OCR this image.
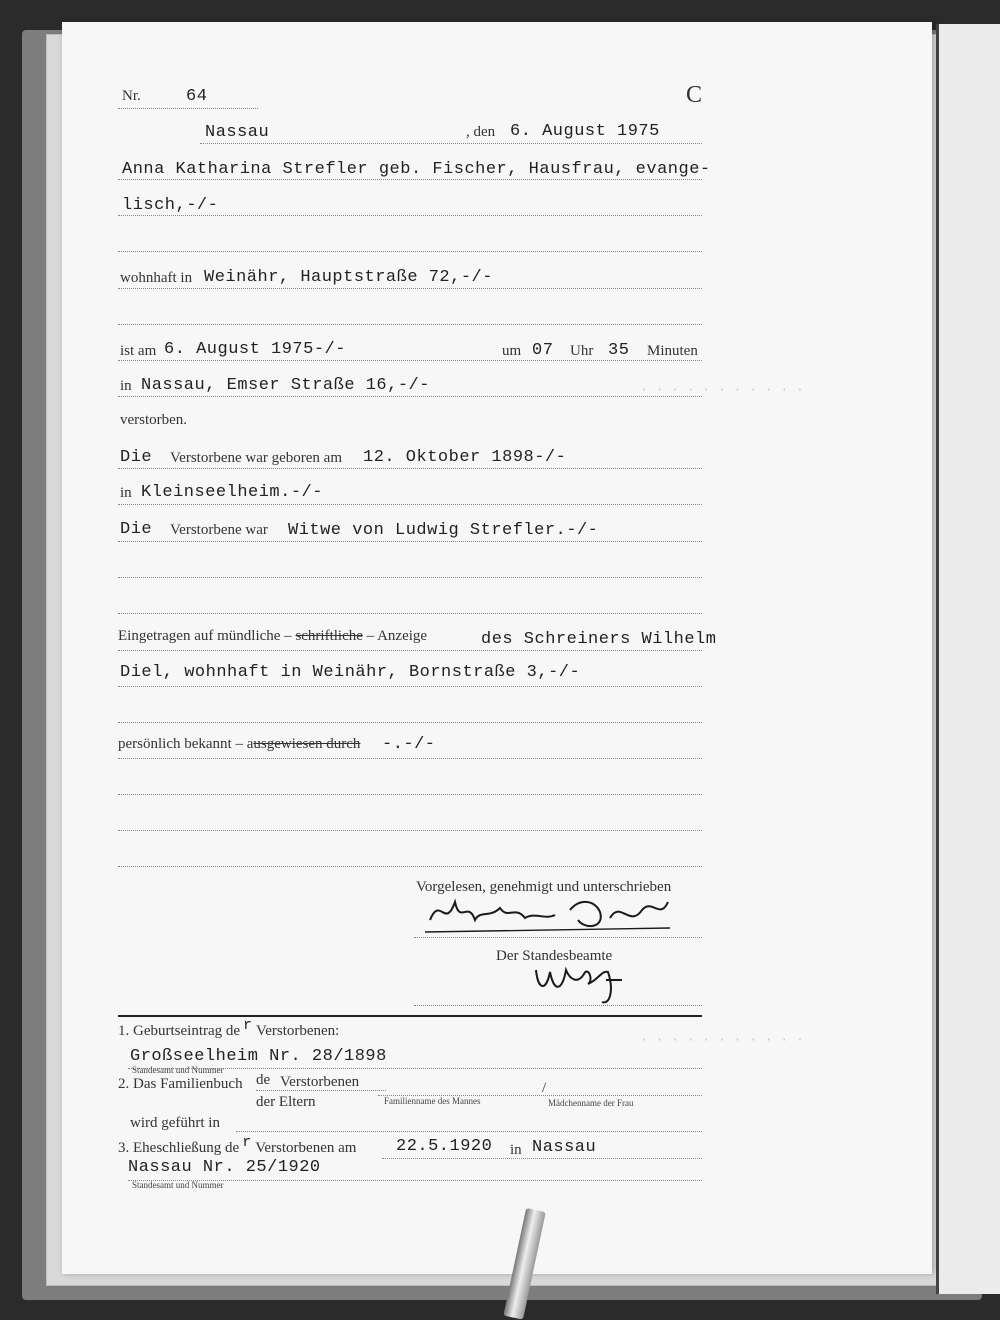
· · · · · · · · · · ·
· · · · · · · · · · ·
Nr.	64	C
Nassau	, den 6. August 1975
Anna Katharina Strefler geb. Fischer, Hausfrau, evange-
lisch,-/-
wohnhaft in Weinähr, Hauptstraße 72,-/-
ist am 6. August 1975-/-	um 07 Uhr 35 Minuten
in Nassau, Emser Straße 16,-/-
verstorben.
Die Verstorbene war geboren am 12. Oktober 1898-/-
in Kleinseelheim.-/-
Die Verstorbene war Witwe von Ludwig Strefler.-/-
Eingetragen auf mündliche – schriftliche – Anzeige	des Schreiners Wilhelm
Diel, wohnhaft in Weinähr, Bornstraße 3,-/-
persönlich bekannt – ausgewiesen durch -.-/-
Vorgelesen, genehmigt und unterschrieben
Der Standesbeamte
1. Geburtseintrag de r Verstorbenen:
Großseelheim Nr. 28/1898
Standesamt und Nummer
2. Das Familienbuch de Verstorbenen
der Eltern
/
Familienname des Mannes	Mädchenname der Frau
wird geführt in
3. Eheschließung de r Verstorbenen am 22.5.1920 in Nassau
Nassau Nr. 25/1920
Standesamt und Nummer
